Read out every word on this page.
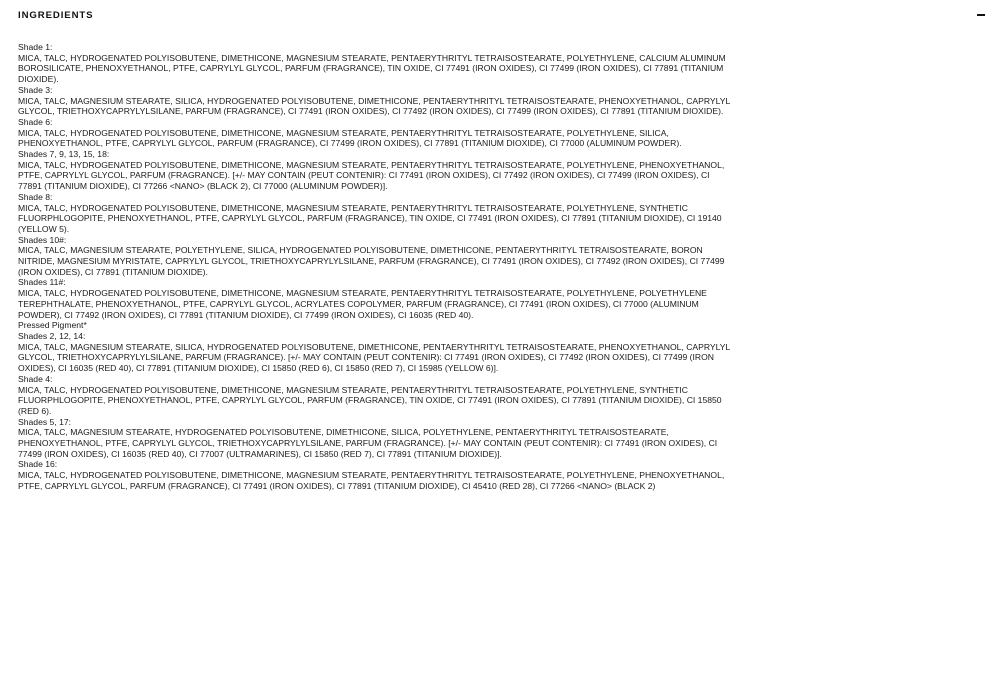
INGREDIENTS
Shade 1:
MICA, TALC, HYDROGENATED POLYISOBUTENE, DIMETHICONE, MAGNESIUM STEARATE, PENTAERYTHRITYL TETRAISOSTEARATE, POLYETHYLENE, CALCIUM ALUMINUM
BOROSILICATE, PHENOXYETHANOL, PTFE, CAPRYLYL GLYCOL, PARFUM (FRAGRANCE), TIN OXIDE, CI 77491 (IRON OXIDES), CI 77499 (IRON OXIDES), CI 77891 (TITANIUM
DIOXIDE).
Shade 3:
MICA, TALC, MAGNESIUM STEARATE, SILICA, HYDROGENATED POLYISOBUTENE, DIMETHICONE, PENTAERYTHRITYL TETRAISOSTEARATE, PHENOXYETHANOL, CAPRYLYL
GLYCOL, TRIETHOXYCAPRYLYLSILANE, PARFUM (FRAGRANCE), CI 77491 (IRON OXIDES), CI 77492 (IRON OXIDES), CI 77499 (IRON OXIDES), CI 77891 (TITANIUM DIOXIDE).
Shade 6:
MICA, TALC, HYDROGENATED POLYISOBUTENE, DIMETHICONE, MAGNESIUM STEARATE, PENTAERYTHRITYL TETRAISOSTEARATE, POLYETHYLENE, SILICA,
PHENOXYETHANOL, PTFE, CAPRYLYL GLYCOL, PARFUM (FRAGRANCE), CI 77499 (IRON OXIDES), CI 77891 (TITANIUM DIOXIDE), CI 77000 (ALUMINUM POWDER).
Shades 7, 9, 13, 15, 18:
MICA, TALC, HYDROGENATED POLYISOBUTENE, DIMETHICONE, MAGNESIUM STEARATE, PENTAERYTHRITYL TETRAISOSTEARATE, POLYETHYLENE, PHENOXYETHANOL,
PTFE, CAPRYLYL GLYCOL, PARFUM (FRAGRANCE). [+/- MAY CONTAIN (PEUT CONTENIR): CI 77491 (IRON OXIDES), CI 77492 (IRON OXIDES), CI 77499 (IRON OXIDES), CI
77891 (TITANIUM DIOXIDE), CI 77266 <NANO> (BLACK 2), CI 77000 (ALUMINUM POWDER)].
Shade 8:
MICA, TALC, HYDROGENATED POLYISOBUTENE, DIMETHICONE, MAGNESIUM STEARATE, PENTAERYTHRITYL TETRAISOSTEARATE, POLYETHYLENE, SYNTHETIC
FLUORPHLOGOPITE, PHENOXYETHANOL, PTFE, CAPRYLYL GLYCOL, PARFUM (FRAGRANCE), TIN OXIDE, CI 77491 (IRON OXIDES), CI 77891 (TITANIUM DIOXIDE), CI 19140
(YELLOW 5).
Shades 10#:
MICA, TALC, MAGNESIUM STEARATE, POLYETHYLENE, SILICA, HYDROGENATED POLYISOBUTENE, DIMETHICONE, PENTAERYTHRITYL TETRAISOSTEARATE, BORON
NITRIDE, MAGNESIUM MYRISTATE, CAPRYLYL GLYCOL, TRIETHOXYCAPRYLYLSILANE, PARFUM (FRAGRANCE), CI 77491 (IRON OXIDES), CI 77492 (IRON OXIDES), CI 77499
(IRON OXIDES), CI 77891 (TITANIUM DIOXIDE).
Shades 11#:
MICA, TALC, HYDROGENATED POLYISOBUTENE, DIMETHICONE, MAGNESIUM STEARATE, PENTAERYTHRITYL TETRAISOSTEARATE, POLYETHYLENE, POLYETHYLENE
TEREPHTHALATE, PHENOXYETHANOL, PTFE, CAPRYLYL GLYCOL, ACRYLATES COPOLYMER, PARFUM (FRAGRANCE), CI 77491 (IRON OXIDES), CI 77000 (ALUMINUM
POWDER), CI 77492 (IRON OXIDES), CI 77891 (TITANIUM DIOXIDE), CI 77499 (IRON OXIDES), CI 16035 (RED 40).
Pressed Pigment*
Shades 2, 12, 14:
MICA, TALC, MAGNESIUM STEARATE, SILICA, HYDROGENATED POLYISOBUTENE, DIMETHICONE, PENTAERYTHRITYL TETRAISOSTEARATE, PHENOXYETHANOL, CAPRYLYL
GLYCOL, TRIETHOXYCAPRYLYLSILANE, PARFUM (FRAGRANCE). [+/- MAY CONTAIN (PEUT CONTENIR): CI 77491 (IRON OXIDES), CI 77492 (IRON OXIDES), CI 77499 (IRON
OXIDES), CI 16035 (RED 40), CI 77891 (TITANIUM DIOXIDE), CI 15850 (RED 6), CI 15850 (RED 7), CI 15985 (YELLOW 6)].
Shade 4:
MICA, TALC, HYDROGENATED POLYISOBUTENE, DIMETHICONE, MAGNESIUM STEARATE, PENTAERYTHRITYL TETRAISOSTEARATE, POLYETHYLENE, SYNTHETIC
FLUORPHLOGOPITE, PHENOXYETHANOL, PTFE, CAPRYLYL GLYCOL, PARFUM (FRAGRANCE), TIN OXIDE, CI 77491 (IRON OXIDES), CI 77891 (TITANIUM DIOXIDE), CI 15850
(RED 6).
Shades 5, 17:
MICA, TALC, MAGNESIUM STEARATE, HYDROGENATED POLYISOBUTENE, DIMETHICONE, SILICA, POLYETHYLENE, PENTAERYTHRITYL TETRAISOSTEARATE,
PHENOXYETHANOL, PTFE, CAPRYLYL GLYCOL, TRIETHOXYCAPRYLYLSILANE, PARFUM (FRAGRANCE). [+/- MAY CONTAIN (PEUT CONTENIR): CI 77491 (IRON OXIDES), CI
77499 (IRON OXIDES), CI 16035 (RED 40), CI 77007 (ULTRAMARINES), CI 15850 (RED 7), CI 77891 (TITANIUM DIOXIDE)].
Shade 16:
MICA, TALC, HYDROGENATED POLYISOBUTENE, DIMETHICONE, MAGNESIUM STEARATE, PENTAERYTHRITYL TETRAISOSTEARATE, POLYETHYLENE, PHENOXYETHANOL,
PTFE, CAPRYLYL GLYCOL, PARFUM (FRAGRANCE), CI 77491 (IRON OXIDES), CI 77891 (TITANIUM DIOXIDE), CI 45410 (RED 28), CI 77266 <NANO> (BLACK 2)
